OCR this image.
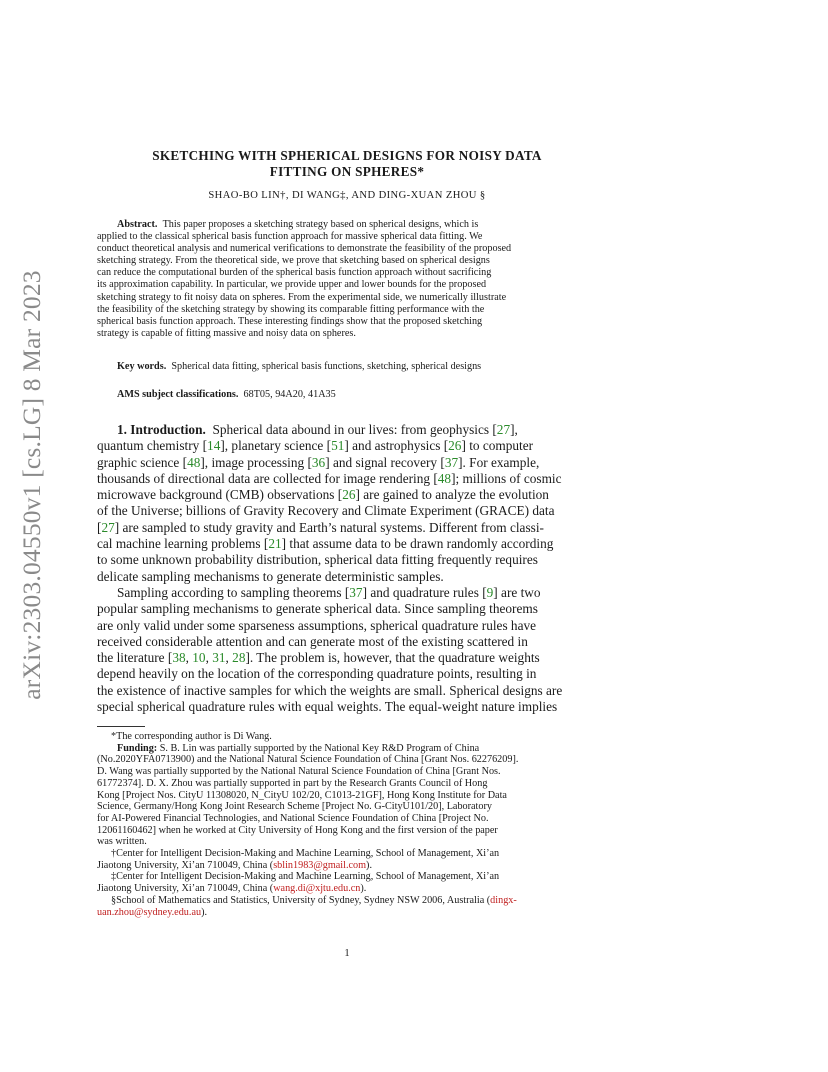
arXiv:2303.04550v1 [cs.LG] 8 Mar 2023
SKETCHING WITH SPHERICAL DESIGNS FOR NOISY DATA
FITTING ON SPHERES*
SHAO-BO LIN†, DI WANG‡, AND DING-XUAN ZHOU §
Abstract. This paper proposes a sketching strategy based on spherical designs, which is
applied to the classical spherical basis function approach for massive spherical data fitting. We
conduct theoretical analysis and numerical verifications to demonstrate the feasibility of the proposed
sketching strategy. From the theoretical side, we prove that sketching based on spherical designs
can reduce the computational burden of the spherical basis function approach without sacrificing
its approximation capability. In particular, we provide upper and lower bounds for the proposed
sketching strategy to fit noisy data on spheres. From the experimental side, we numerically illustrate
the feasibility of the sketching strategy by showing its comparable fitting performance with the
spherical basis function approach. These interesting findings show that the proposed sketching
strategy is capable of fitting massive and noisy data on spheres.
Key words. Spherical data fitting, spherical basis functions, sketching, spherical designs
AMS subject classifications. 68T05, 94A20, 41A35
1. Introduction. Spherical data abound in our lives: from geophysics [27],
quantum chemistry [14], planetary science [51] and astrophysics [26] to computer
graphic science [48], image processing [36] and signal recovery [37]. For example,
thousands of directional data are collected for image rendering [48]; millions of cosmic
microwave background (CMB) observations [26] are gained to analyze the evolution
of the Universe; billions of Gravity Recovery and Climate Experiment (GRACE) data
[27] are sampled to study gravity and Earth’s natural systems. Different from classi-
cal machine learning problems [21] that assume data to be drawn randomly according
to some unknown probability distribution, spherical data fitting frequently requires
delicate sampling mechanisms to generate deterministic samples.
Sampling according to sampling theorems [37] and quadrature rules [9] are two
popular sampling mechanisms to generate spherical data. Since sampling theorems
are only valid under some sparseness assumptions, spherical quadrature rules have
received considerable attention and can generate most of the existing scattered in
the literature [38, 10, 31, 28]. The problem is, however, that the quadrature weights
depend heavily on the location of the corresponding quadrature points, resulting in
the existence of inactive samples for which the weights are small. Spherical designs are
special spherical quadrature rules with equal weights. The equal-weight nature implies
*The corresponding author is Di Wang.
Funding: S. B. Lin was partially supported by the National Key R&D Program of China
(No.2020YFA0713900) and the National Natural Science Foundation of China [Grant Nos. 62276209].
D. Wang was partially supported by the National Natural Science Foundation of China [Grant Nos.
61772374]. D. X. Zhou was partially supported in part by the Research Grants Council of Hong
Kong [Project Nos. CityU 11308020, N_CityU 102/20, C1013-21GF], Hong Kong Institute for Data
Science, Germany/Hong Kong Joint Research Scheme [Project No. G-CityU101/20], Laboratory
for AI-Powered Financial Technologies, and National Science Foundation of China [Project No.
12061160462] when he worked at City University of Hong Kong and the first version of the paper
was written.
†Center for Intelligent Decision-Making and Machine Learning, School of Management, Xi’an
Jiaotong University, Xi’an 710049, China (sblin1983@gmail.com).
‡Center for Intelligent Decision-Making and Machine Learning, School of Management, Xi’an
Jiaotong University, Xi’an 710049, China (wang.di@xjtu.edu.cn).
§School of Mathematics and Statistics, University of Sydney, Sydney NSW 2006, Australia (dingx-
uan.zhou@sydney.edu.au).
1
